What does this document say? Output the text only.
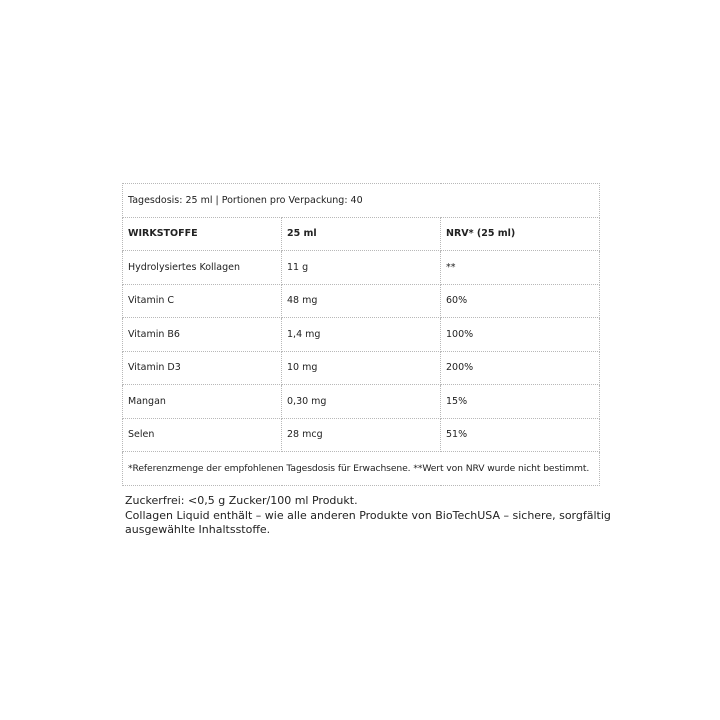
Tagesdosis: 25 ml | Portionen pro Verpackung: 40		
WIRKSTOFFE	25 ml	NRV* (25 ml)
Hydrolysiertes Kollagen	11 g	**
Vitamin C	48 mg	60%
Vitamin B6	1,4 mg	100%
Vitamin D3	10 mg	200%
Mangan	0,30 mg	15%
Selen	28 mcg	51%
*Referenzmenge der empfohlenen Tagesdosis für Erwachsene. **Wert von NRV wurde nicht bestimmt.		

Zuckerfrei: <0,5 g Zucker/100 ml Produkt.

Collagen Liquid enthält – wie alle anderen Produkte von BioTechUSA – sichere, sorgfältig ausgewählte Inhaltsstoffe.
